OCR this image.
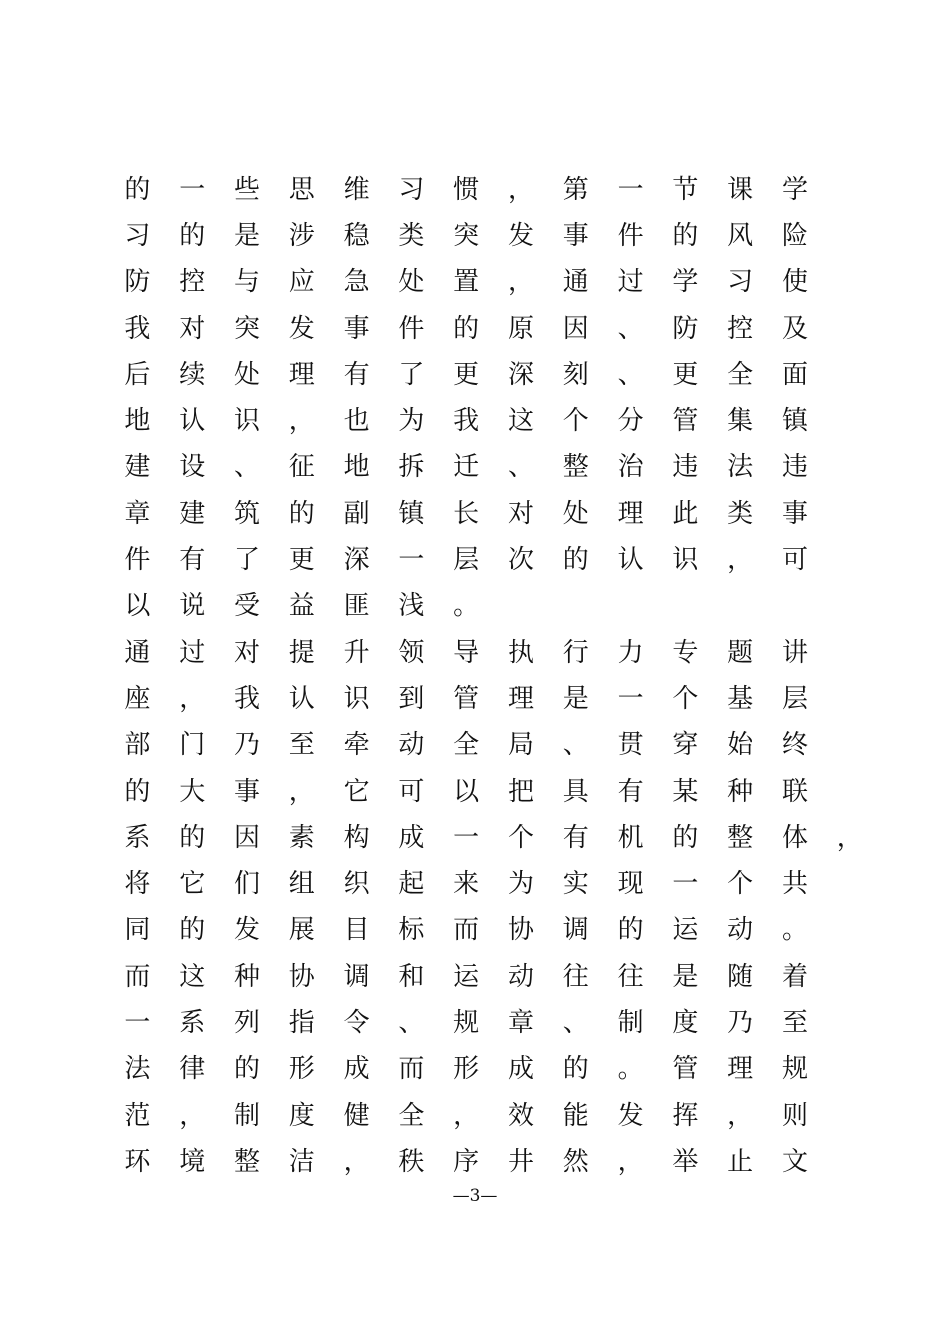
的	一	些	思	维	习	惯	，	第	一	节	课	学
习	的	是	涉	稳	类	突	发	事	件	的	风	险
防	控	与	应	急	处	置	，	通	过	学	习	使
我	对	突	发	事	件	的	原	因	、	防	控	及
后	续	处	理	有	了	更	深	刻	、	更	全	面
地	认	识	，	也	为	我	这	个	分	管	集	镇
建	设	、	征	地	拆	迁	、	整	治	违	法	违
章	建	筑	的	副	镇	长	对	处	理	此	类	事
件	有	了	更	深	一	层	次	的	认	识	，	可
以	说	受	益	匪	浅	。
通	过	对	提	升	领	导	执	行	力	专	题	讲
座	，	我	认	识	到	管	理	是	一	个	基	层
部	门	乃	至	牵	动	全	局	、	贯	穿	始	终
的	大	事	，	它	可	以	把	具	有	某	种	联
系	的	因	素	构	成	一	个	有	机	的	整	体	，
将	它	们	组	织	起	来	为	实	现	一	个	共
同	的	发	展	目	标	而	协	调	的	运	动	。
而	这	种	协	调	和	运	动	往	往	是	随	着
一	系	列	指	令	、	规	章	、	制	度	乃	至
法	律	的	形	成	而	形	成	的	。	管	理	规
范	，	制	度	健	全	，	效	能	发	挥	，	则
环	境	整	洁	，	秩	序	井	然	，	举	止	文
—3—
